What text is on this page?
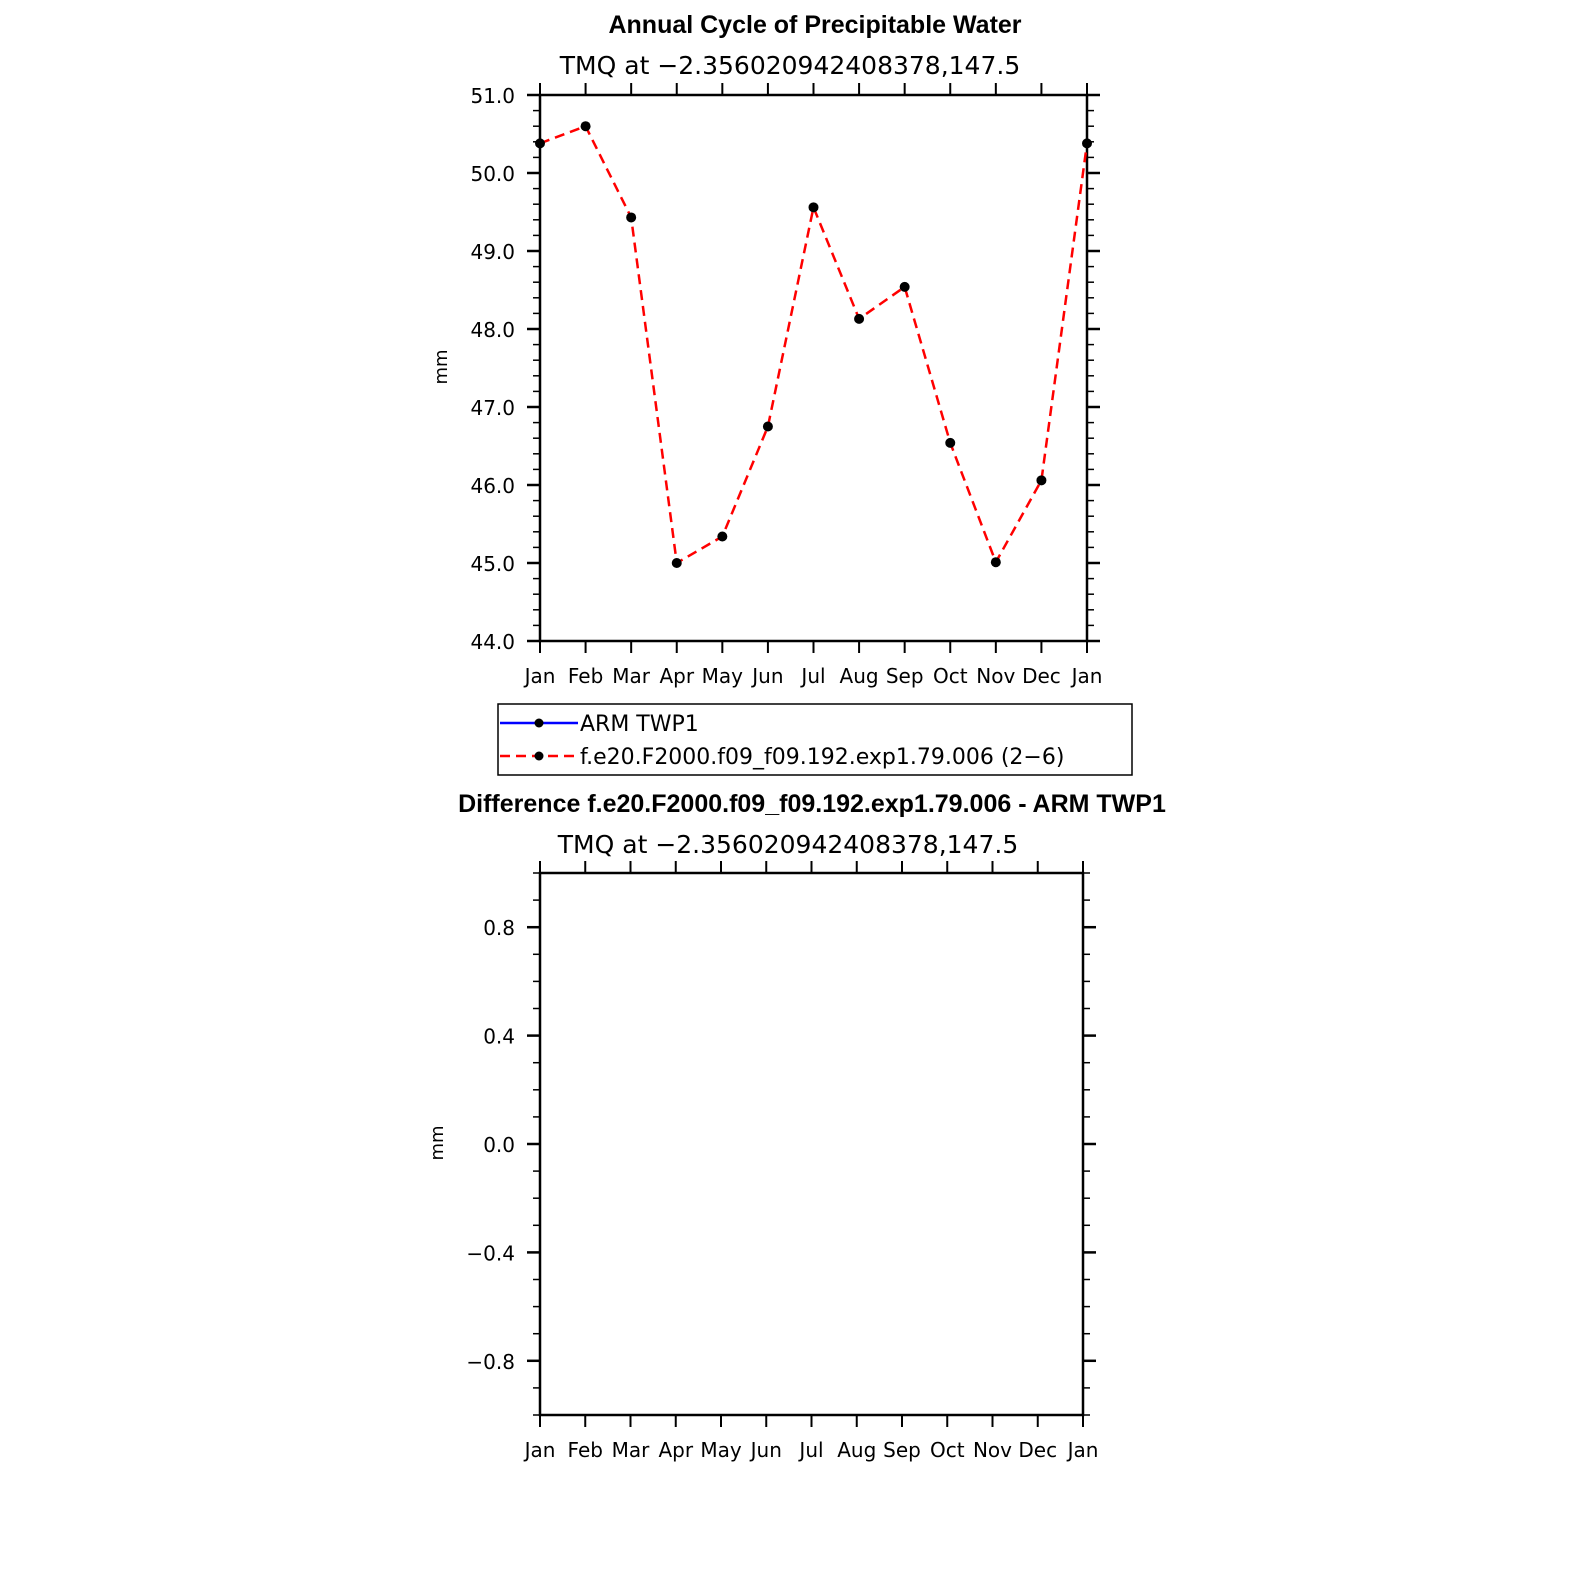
Annual Cycle of Precipitable Water
TMQ at −2.356020942408378,147.5
mm
Jan Feb Mar Apr May Jun Jul Aug Sep Oct Nov Dec Jan
44.0
45.0
46.0
47.0
48.0
49.0
50.0
51.0
ARM TWP1
f.e20.F2000.f09_f09.192.exp1.79.006 (2−6)
Difference f.e20.F2000.f09_f09.192.exp1.79.006 - ARM TWP1
TMQ at −2.356020942408378,147.5
mm
Jan Feb Mar Apr May Jun Jul Aug Sep Oct Nov Dec Jan
−0.8
−0.4
0.0
0.4
0.8
